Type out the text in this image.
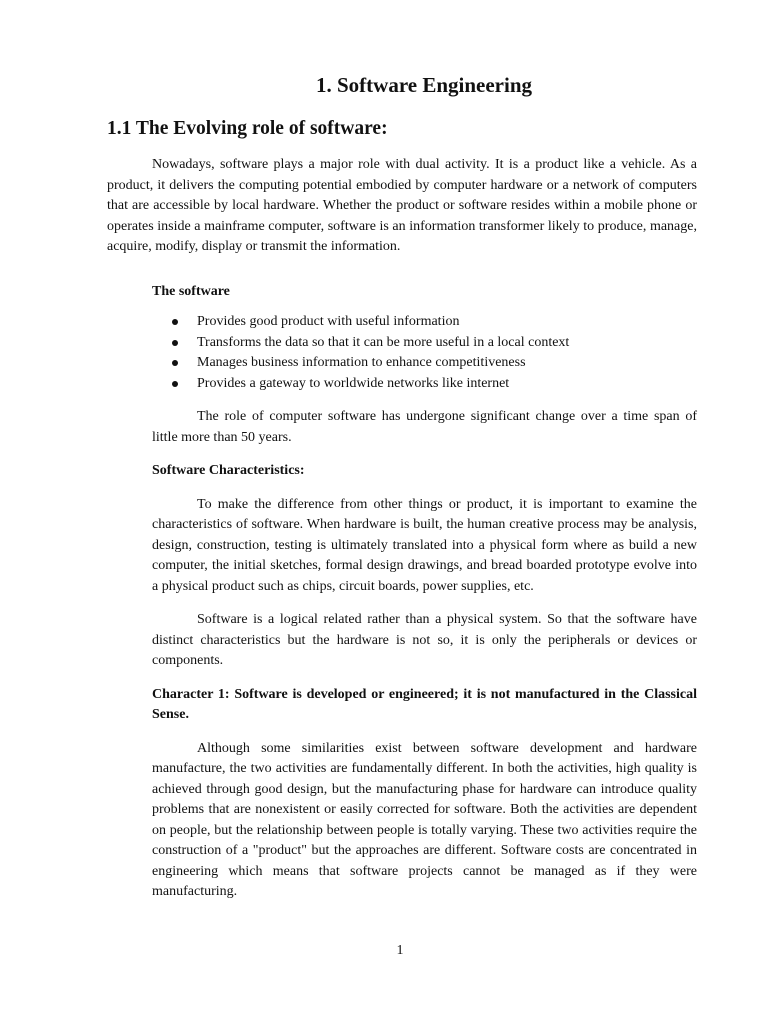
1. Software Engineering
1.1 The Evolving role of software:

Nowadays, software plays a major role with dual activity. It is a product like a vehicle. As a product, it delivers the computing potential embodied by computer hardware or a network of computers that are accessible by local hardware. Whether the product or software resides within a mobile phone or operates inside a mainframe computer, software is an information transformer likely to produce, manage, acquire, modify, display or transmit the information.

The software

Provides good product with useful information
Transforms the data so that it can be more useful in a local context
Manages business information to enhance competitiveness
Provides a gateway to worldwide networks like internet

The role of computer software has undergone significant change over a time span of little more than 50 years.

Software Characteristics:

To make the difference from other things or product, it is important to examine the characteristics of software. When hardware is built, the human creative process may be analysis, design, construction, testing is ultimately translated into a physical form where as build a new computer, the initial sketches, formal design drawings, and bread boarded prototype evolve into a physical product such as chips, circuit boards, power supplies, etc.

Software is a logical related rather than a physical system. So that the software have distinct characteristics but the hardware is not so, it is only the peripherals or devices or components.

Character 1: Software is developed or engineered; it is not manufactured in the Classical Sense.

Although some similarities exist between software development and hardware manufacture, the two activities are fundamentally different. In both the activities, high quality is achieved through good design, but the manufacturing phase for hardware can introduce quality problems that are nonexistent or easily corrected for software. Both the activities are dependent on people, but the relationship between people is totally varying. These two activities require the construction of a "product" but the approaches are different. Software costs are concentrated in engineering which means that software projects cannot be managed as if they were manufacturing.

1
